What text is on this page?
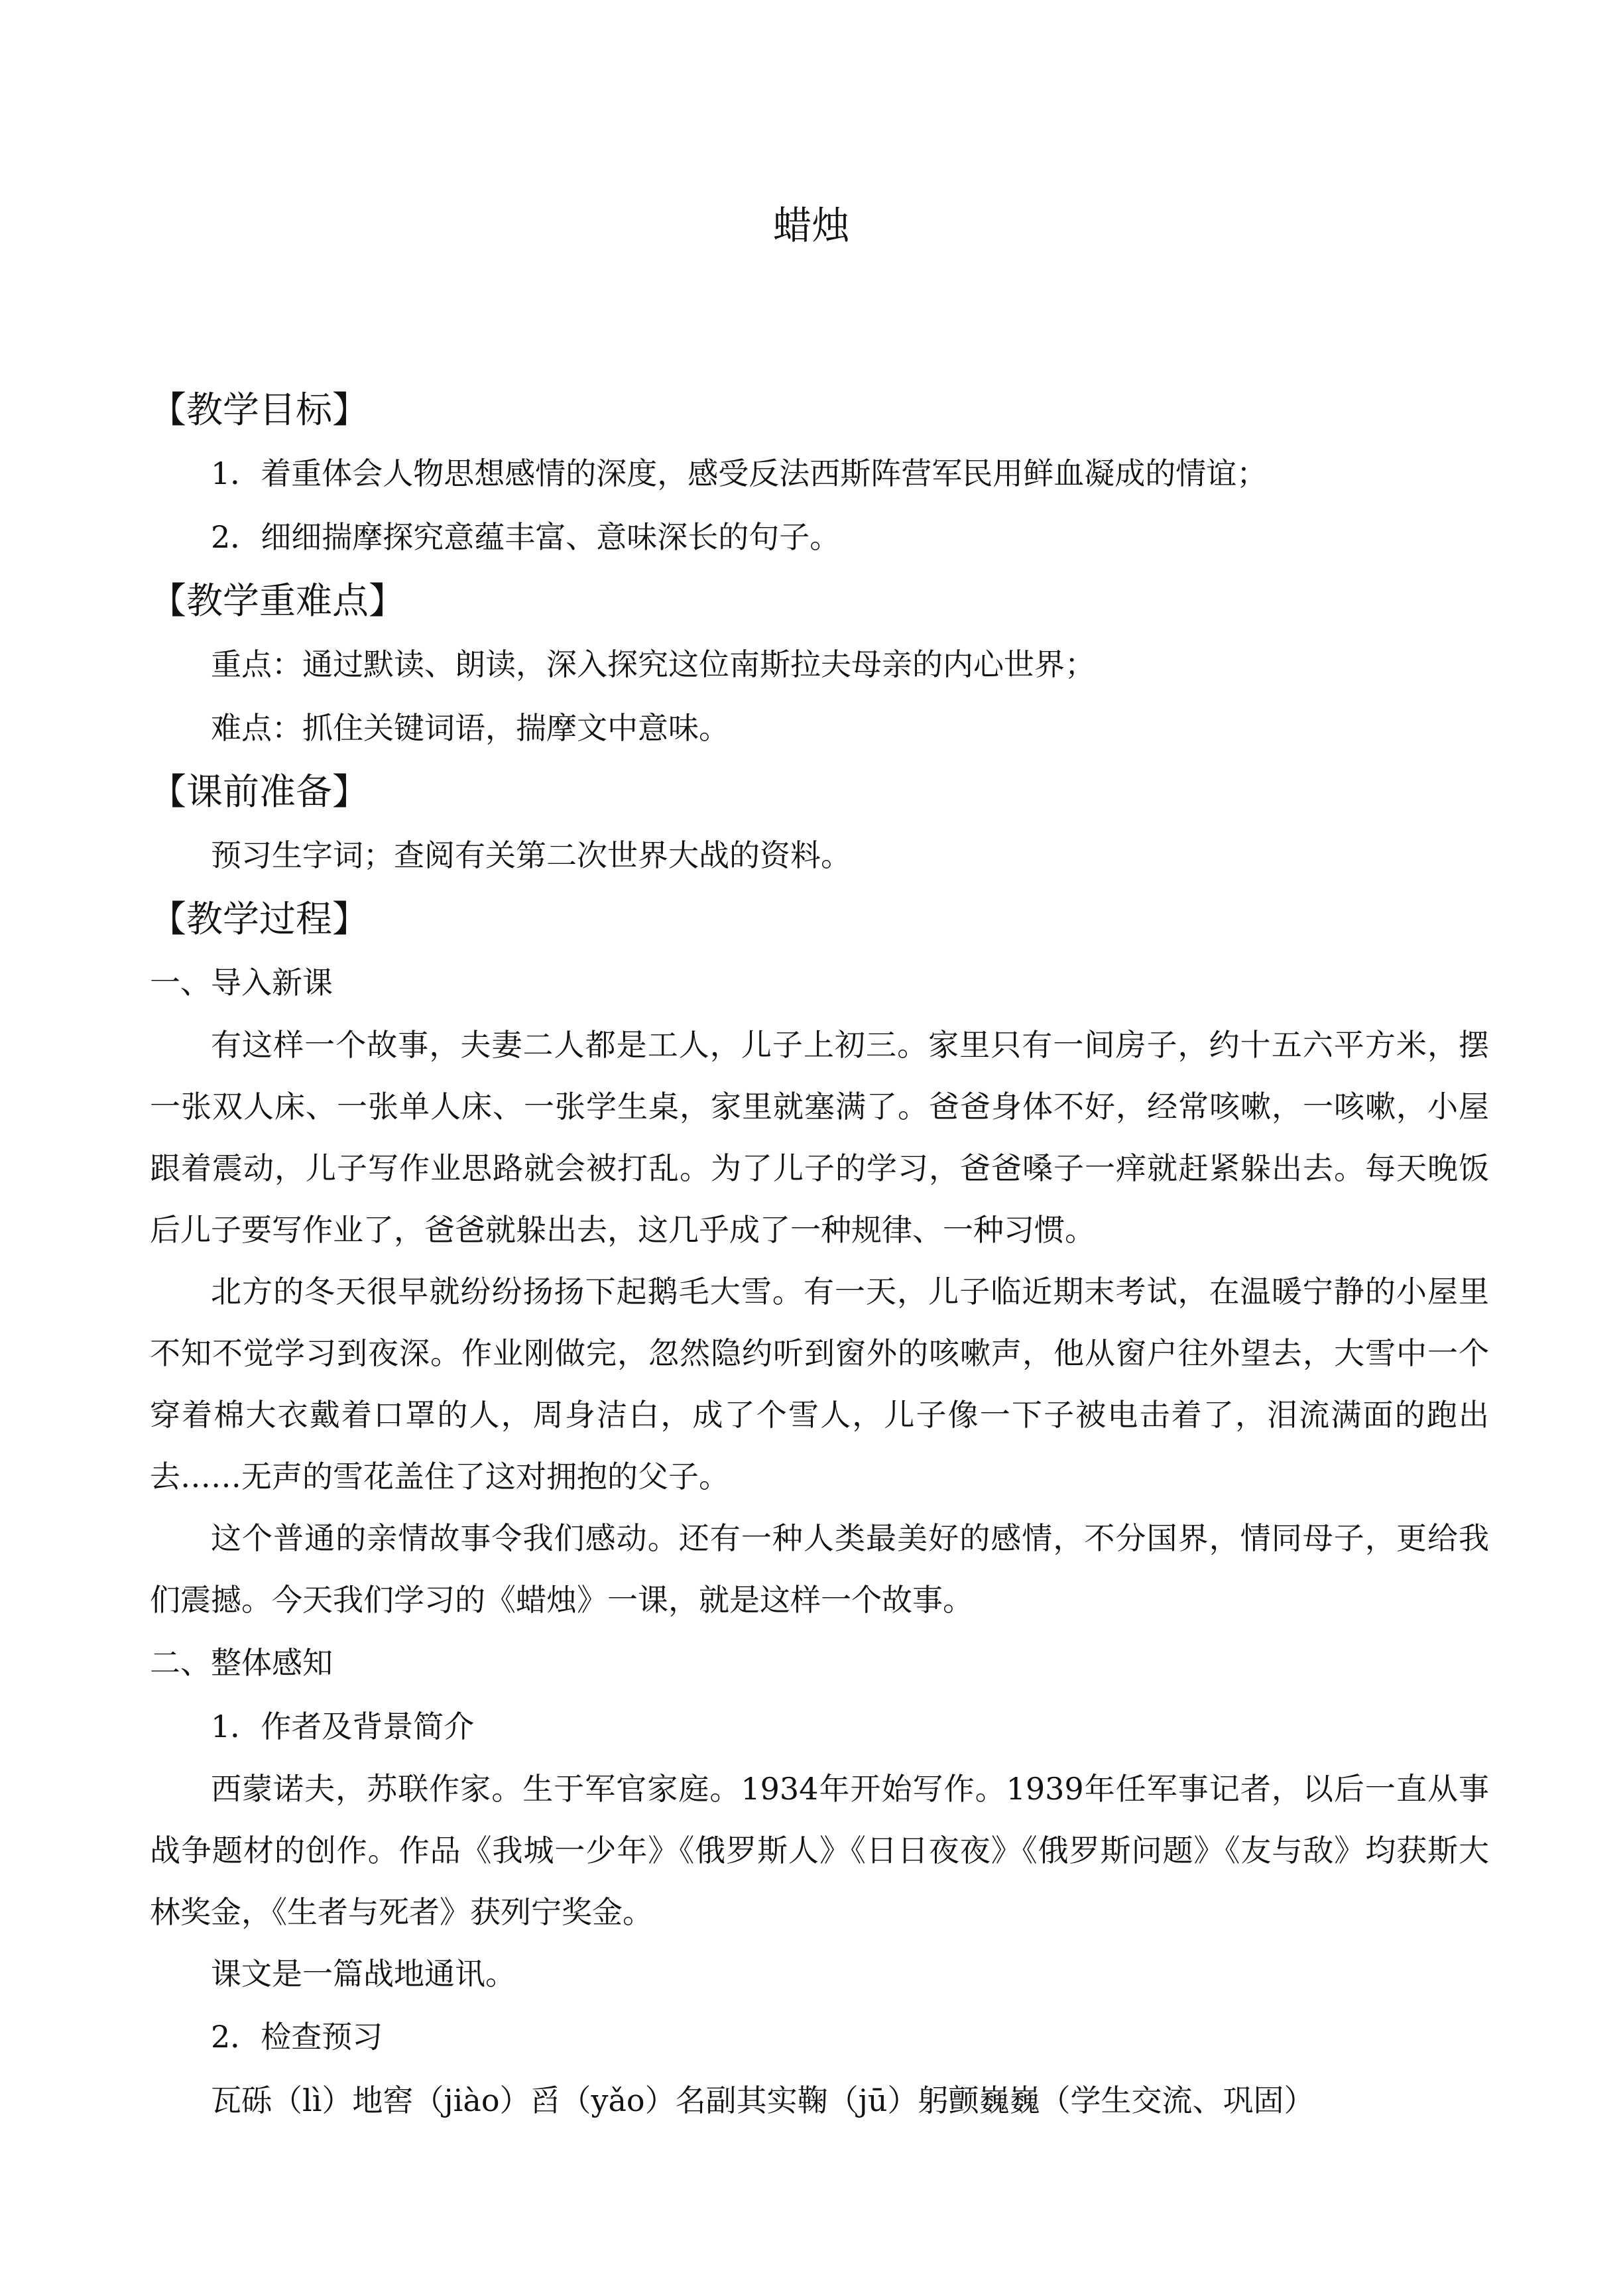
蜡烛
【教学目标】

1．着重体会人物思想感情的深度，感受反法西斯阵营军民用鲜血凝成的情谊；

2．细细揣摩探究意蕴丰富、意味深长的句子。

【教学重难点】

重点：通过默读、朗读，深入探究这位南斯拉夫母亲的内心世界；

难点：抓住关键词语，揣摩文中意味。

【课前准备】

预习生字词；查阅有关第二次世界大战的资料。

【教学过程】

一、导入新课

有这样一个故事，夫妻二人都是工人，儿子上初三。家里只有一间房子，约十五六平方米，摆一张双人床、一张单人床、一张学生桌，家里就塞满了。爸爸身体不好，经常咳嗽，一咳嗽，小屋跟着震动，儿子写作业思路就会被打乱。为了儿子的学习，爸爸嗓子一痒就赶紧躲出去。每天晚饭后儿子要写作业了，爸爸就躲出去，这几乎成了一种规律、一种习惯。

北方的冬天很早就纷纷扬扬下起鹅毛大雪。有一天，儿子临近期末考试，在温暖宁静的小屋里不知不觉学习到夜深。作业刚做完，忽然隐约听到窗外的咳嗽声，他从窗户往外望去，大雪中一个穿着棉大衣戴着口罩的人，周身洁白，成了个雪人，儿子像一下子被电击着了，泪流满面的跑出去……无声的雪花盖住了这对拥抱的父子。

这个普通的亲情故事令我们感动。还有一种人类最美好的感情，不分国界，情同母子，更给我们震撼。今天我们学习的《蜡烛》一课，就是这样一个故事。

二、整体感知

1．作者及背景简介

西蒙诺夫，苏联作家。生于军官家庭。1934年开始写作。1939年任军事记者，以后一直从事战争题材的创作。作品《我城一少年》《俄罗斯人》《日日夜夜》《俄罗斯问题》《友与敌》均获斯大林奖金，《生者与死者》获列宁奖金。

课文是一篇战地通讯。

2．检查预习

瓦砾（lì）地窖（jiào）舀（yǎo）名副其实鞠（jū）躬颤巍巍（学生交流、巩固）
